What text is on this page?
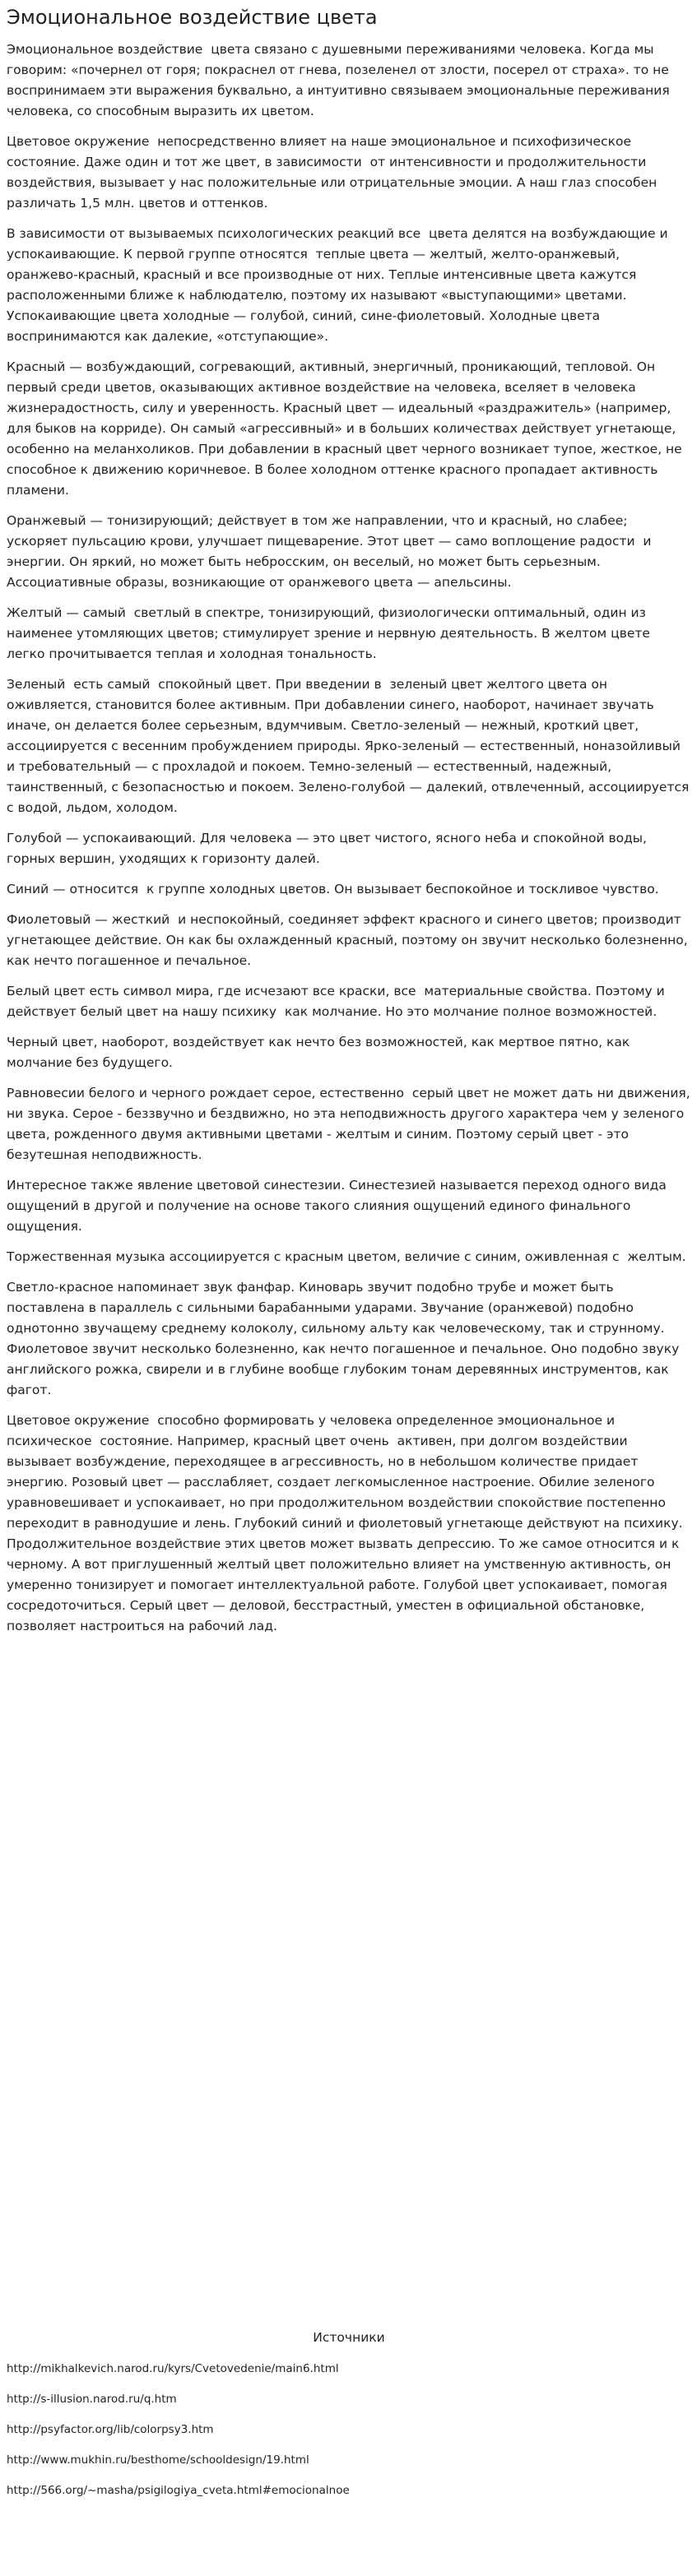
Эмоциональное воздействие цвета

Эмоциональное воздействие  цвета связано с душевными переживаниями человека. Когда мы говорим: «почернел от горя; покраснел от гнева, позеленел от злости, посерел от страха». то не воспринимаем эти выражения буквально, а интуитивно связываем эмоциональные переживания человека, со способным выразить их цветом.

Цветовое окружение  непосредственно влияет на наше эмоциональное и психофизическое состояние. Даже один и тот же цвет, в зависимости  от интенсивности и продолжительности  воздействия, вызывает у нас положительные или отрицательные эмоции. А наш глаз способен различать 1,5 млн. цветов и оттенков.

В зависимости от вызываемых психологических реакций все  цвета делятся на возбуждающие и  успокаивающие. К первой группе относятся  теплые цвета — желтый, желто-оранжевый, оранжево-красный, красный и все производные от них. Теплые интенсивные цвета кажутся расположенными ближе к наблюдателю, поэтому их называют «выступающими» цветами. Успокаивающие цвета холодные — голубой, синий, сине-фиолетовый. Холодные цвета воспринимаются как далекие, «отступающие».

Красный — возбуждающий, согревающий, активный, энергичный, проникающий, тепловой. Он первый среди цветов, оказывающих активное воздействие на человека, вселяет в человека жизнерадостность, силу и уверенность. Красный цвет — идеальный «раздражитель» (например, для быков на корриде). Он самый «агрессивный» и в больших количествах действует угнетающе, особенно на меланхоликов. При добавлении в красный цвет черного возникает тупое, жесткое, не способное к движению коричневое. В более холодном оттенке красного пропадает активность пламени.

Оранжевый — тонизирующий; действует в том же направлении, что и красный, но слабее; ускоряет пульсацию крови, улучшает пищеварение. Этот цвет — само воплощение радости  и энергии. Он яркий, но может быть небросским, он веселый, но может быть серьезным. Ассоциативные образы, возникающие от оранжевого цвета — апельсины.

Желтый — самый  светлый в спектре, тонизирующий, физиологически оптимальный, один из наименее утомляющих цветов; стимулирует зрение и нервную деятельность. В желтом цвете легко прочитывается теплая и холодная тональность.

Зеленый  есть самый  спокойный цвет. При введении в  зеленый цвет желтого цвета он оживляется, становится более активным. При добавлении синего, наоборот, начинает звучать иначе, он делается более серьезным, вдумчивым. Светло-зеленый — нежный, кроткий цвет, ассоциируется с весенним пробуждением природы. Ярко-зеленый — естественный, ноназойливый и требовательный — с прохладой и покоем. Темно-зеленый — естественный, надежный, таинственный, с безопасностью и покоем. Зелено-голубой — далекий, отвлеченный, ассоциируется с водой, льдом, холодом.

Голубой — успокаивающий. Для человека — это цвет чистого, ясного неба и спокойной воды, горных вершин, уходящих к горизонту далей.

Синий — относится  к группе холодных цветов. Он вызывает беспокойное и тоскливое чувство.

Фиолетовый — жесткий  и неспокойный, соединяет эффект красного и синего цветов; производит угнетающее действие. Он как бы охлажденный красный, поэтому он звучит несколько болезненно, как нечто погашенное и печальное.

Белый цвет есть символ мира, где исчезают все краски, все  материальные свойства. Поэтому и  действует белый цвет на нашу психику  как молчание. Но это молчание полное возможностей.

Черный цвет, наоборот, воздействует как нечто без возможностей, как мертвое пятно, как молчание без будущего.

Равновесии белого и черного рождает серое, естественно  серый цвет не может дать ни движения, ни звука. Серое - беззвучно и бездвижно, но эта неподвижность другого характера чем у зеленого цвета, рожденного двумя активными цветами - желтым и синим. Поэтому серый цвет - это безутешная неподвижность.

Интересное также явление цветовой синестезии. Синестезией называется переход одного вида ощущений в другой и получение на основе такого слияния ощущений единого финального ощущения.

Торжественная музыка ассоциируется с красным цветом, величие с синим, оживленная с  желтым.

Светло-красное напоминает звук фанфар. Киноварь звучит подобно трубе и может быть поставлена в параллель с сильными барабанными ударами. Звучание (оранжевой) подобно однотонно звучащему среднему колоколу, сильному альту как человеческому, так и струнному. Фиолетовое звучит несколько болезненно, как нечто погашенное и печальное. Оно подобно звуку английского рожка, свирели и в глубине вообще глубоким тонам деревянных инструментов, как фагот.

Цветовое окружение  способно формировать у человека определенное эмоциональное и психическое  состояние. Например, красный цвет очень  активен, при долгом воздействии  вызывает возбуждение, переходящее в агрессивность, но в небольшом количестве придает энергию. Розовый цвет — расслабляет, создает легкомысленное настроение. Обилие зеленого уравновешивает и успокаивает, но при продолжительном воздействии спокойствие постепенно переходит в равнодушие и лень. Глубокий синий и фиолетовый угнетающе действуют на психику. Продолжительное воздействие этих цветов может вызвать депрессию. То же самое относится и к черному. А вот приглушенный желтый цвет положительно влияет на умственную активность, он умеренно тонизирует и помогает интеллектуальной работе. Голубой цвет успокаивает, помогая сосредоточиться. Серый цвет — деловой, бесстрастный, уместен в официальной обстановке, позволяет настроиться на рабочий лад.

Источники
http://mikhalkevich.narod.ru/kyrs/Cvetovedenie/main6.html
http://s-illusion.narod.ru/q.htm
http://psyfactor.org/lib/colorpsy3.htm
http://www.mukhin.ru/besthome/schooldesign/19.html
http://566.org/~masha/psigilogiya_cveta.html#emocionalnoe
